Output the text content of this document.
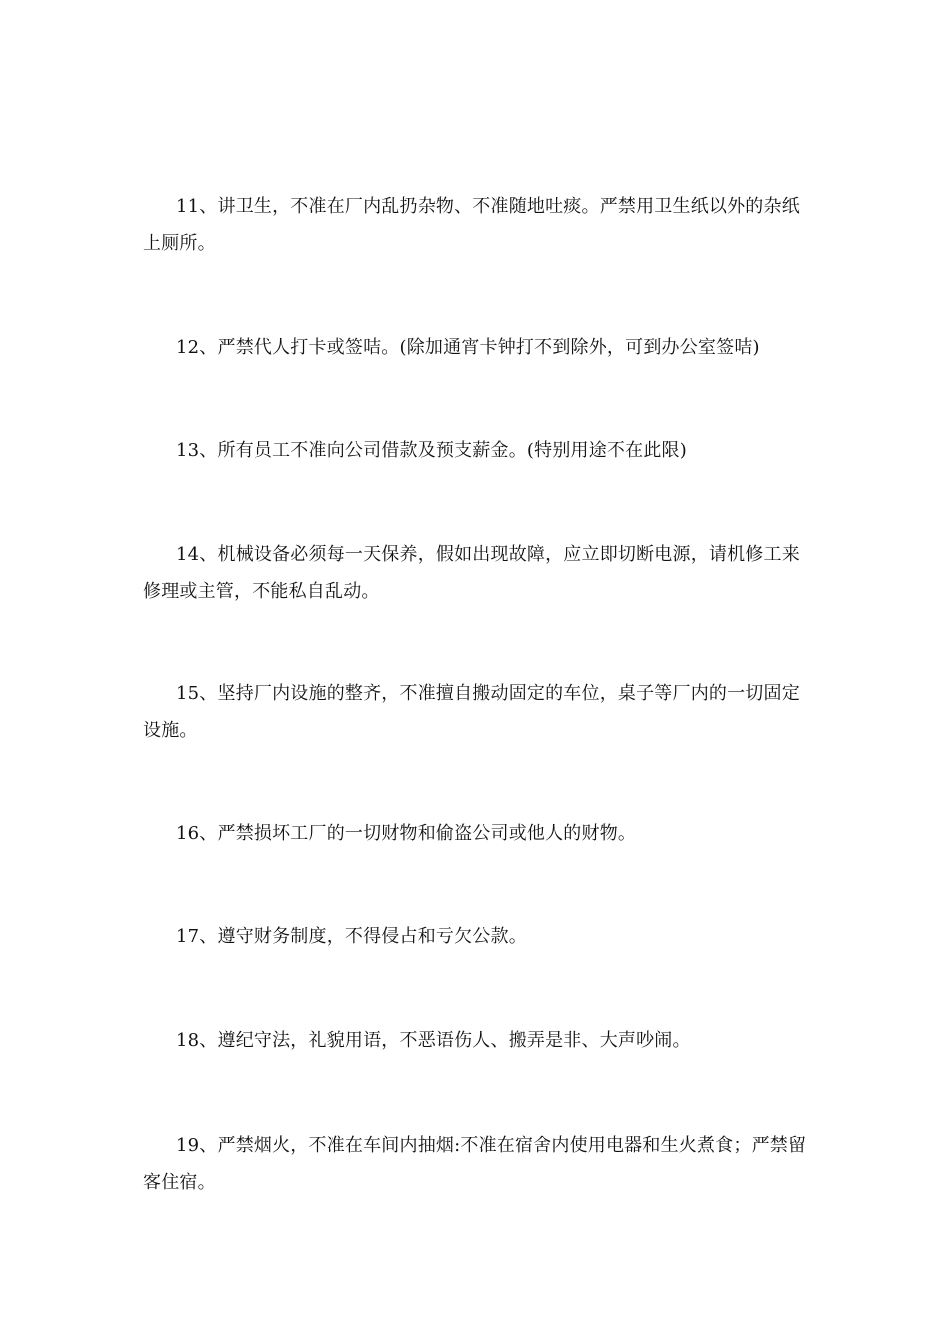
11、讲卫生，不准在厂内乱扔杂物、不准随地吐痰。严禁用卫生纸以外的杂纸上厕所。

12、严禁代人打卡或签咭。(除加通宵卡钟打不到除外，可到办公室签咭)

13、所有员工不准向公司借款及预支薪金。(特别用途不在此限)

14、机械设备必须每一天保养，假如出现故障，应立即切断电源，请机修工来修理或主管，不能私自乱动。

15、坚持厂内设施的整齐，不准擅自搬动固定的车位，桌子等厂内的一切固定设施。

16、严禁损坏工厂的一切财物和偷盗公司或他人的财物。

17、遵守财务制度，不得侵占和亏欠公款。

18、遵纪守法，礼貌用语，不恶语伤人、搬弄是非、大声吵闹。

19、严禁烟火，不准在车间内抽烟:不准在宿舍内使用电器和生火煮食；严禁留客住宿。
